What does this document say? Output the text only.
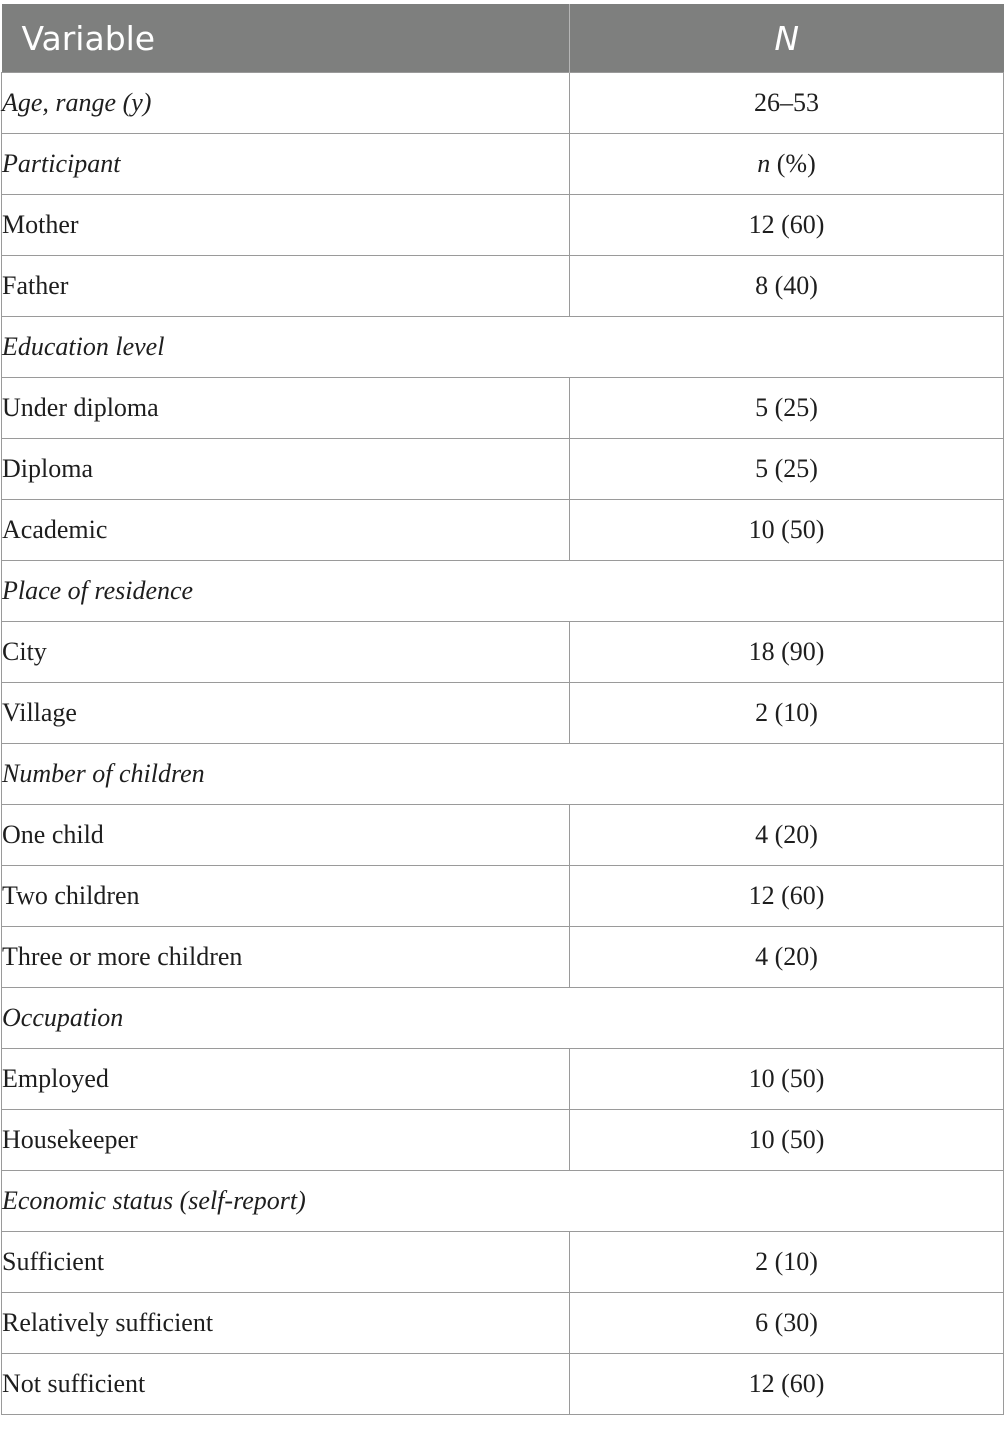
Variable	N
Age, range (y)	26–53
Participant	n (%)
Mother	12 (60)
Father	8 (40)
Education level	
Under diploma	5 (25)
Diploma	5 (25)
Academic	10 (50)
Place of residence	
City	18 (90)
Village	2 (10)
Number of children	
One child	4 (20)
Two children	12 (60)
Three or more children	4 (20)
Occupation	
Employed	10 (50)
Housekeeper	10 (50)
Economic status (self-report)	
Sufficient	2 (10)
Relatively sufficient	6 (30)
Not sufficient	12 (60)
